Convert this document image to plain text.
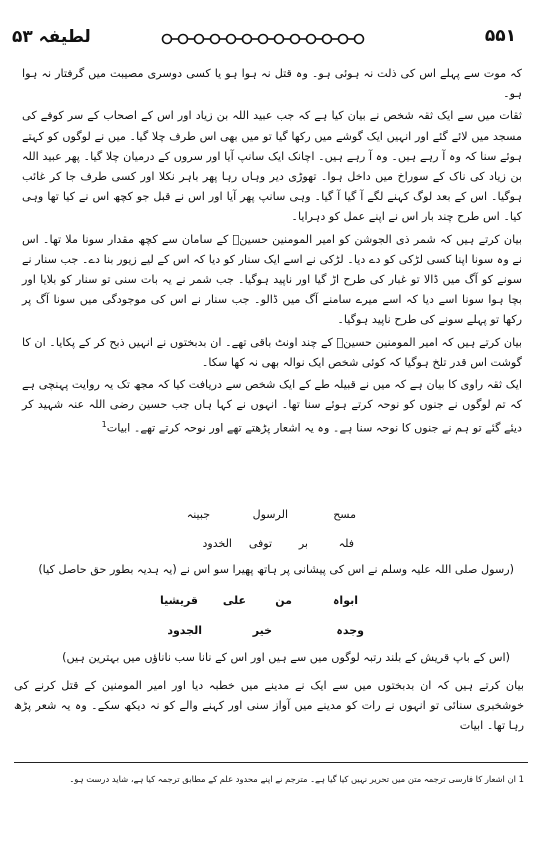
لطیفہ ۵۳	۵۵۱

کہ موت سے پہلے اس کی ذلت نہ ہوئی ہو۔ وہ قتل نہ ہوا ہو یا کسی دوسری مصیبت میں گرفتار نہ ہوا ہو۔

ثقات میں سے ایک ثقہ شخص نے بیان کیا ہے کہ جب عبید اللہ بن زیاد اور اس کے اصحاب کے سر کوفے کی مسجد میں لائے گئے اور انہیں ایک گوشے میں رکھا گیا تو میں بھی اس طرف چلا گیا۔ میں نے لوگوں کو کہتے ہوئے سنا کہ وہ آ رہے ہیں۔ وہ آ رہے ہیں۔ اچانک ایک سانپ آیا اور سروں کے درمیان چلا گیا۔ پھر عبید اللہ بن زیاد کی ناک کے سوراخ میں داخل ہوا۔ تھوڑی دیر وہاں رہا پھر باہر نکلا اور کسی طرف جا کر غائب ہوگیا۔ اس کے بعد لوگ کہنے لگے آ گیا آ گیا۔ وہی سانپ پھر آیا اور اس نے قبل جو کچھ اس نے کیا تھا وہی کیا۔ اس طرح چند بار اس نے اپنے عمل کو دہرایا۔

بیان کرتے ہیں کہ شمر ذی الجوشن کو امیر المومنین حسینؑ کے سامان سے کچھ مقدار سونا ملا تھا۔ اس نے وہ سونا اپنا کسی لڑکی کو دے دیا۔ لڑکی نے اسے ایک سنار کو دیا کہ اس کے لیے زیور بنا دے۔ جب سنار نے سونے کو آگ میں ڈالا تو غبار کی طرح اڑ گیا اور ناپید ہوگیا۔ جب شمر نے یہ بات سنی تو سنار کو بلایا اور بچا ہوا سونا اسے دیا کہ اسے میرے سامنے آگ میں ڈالو۔ جب سنار نے اس کی موجودگی میں سونا آگ پر رکھا تو پہلے سونے کی طرح ناپید ہوگیا۔

بیان کرتے ہیں کہ امیر المومنین حسینؑ کے چند اونٹ باقی تھے۔ ان بدبختوں نے انہیں ذبح کر کے پکایا۔ ان کا گوشت اس قدر تلخ ہوگیا کہ کوئی شخص ایک نوالہ بھی نہ کھا سکا۔

ایک ثقہ راوی کا بیان ہے کہ میں نے قبیلہ طے کے ایک شخص سے دریافت کیا کہ مجھ تک یہ روایت پہنچی ہے کہ تم لوگوں نے جنوں کو نوحہ کرتے ہوئے سنا تھا۔ انہوں نے کہا ہاں جب حسین رضی اللہ عنہ شہید کر دیئے گئے تو ہم نے جنوں کا نوحہ سنا ہے۔ وہ یہ اشعار پڑھتے تھے اور نوحہ کرتے تھے۔ ابیات$^1$

مسح
الرسول
جبینہ
فلہ
بر
توفی
الخدود
(رسول صلی اللہ علیہ وسلم نے اس کی پیشانی پر ہاتھ پھیرا سو اس نے (یہ ہدیہ بطور حق حاصل کیا)
ابواہ
من
علی
قریشیا
وجدہ
خیر
الجدود
(اس کے باپ قریش کے بلند رتبہ لوگوں میں سے ہیں اور اس کے نانا سب ناناؤں میں بہترین ہیں)
بیان کرتے ہیں کہ ان بدبختوں میں سے ایک نے مدینے میں خطبہ دیا اور امیر المومنین کے قتل کرنے کی خوشخبری سنائی تو انہوں نے رات کو مدینے میں آواز سنی اور کہنے والے کو نہ دیکھ سکے۔ وہ یہ شعر پڑھ رہا تھا۔ ابیات
1 ان اشعار کا فارسی ترجمہ متن میں تحریر نہیں کیا گیا ہے۔ مترجم نے اپنے محدود علم کے مطابق ترجمہ کیا ہے، شاید درست ہو۔
